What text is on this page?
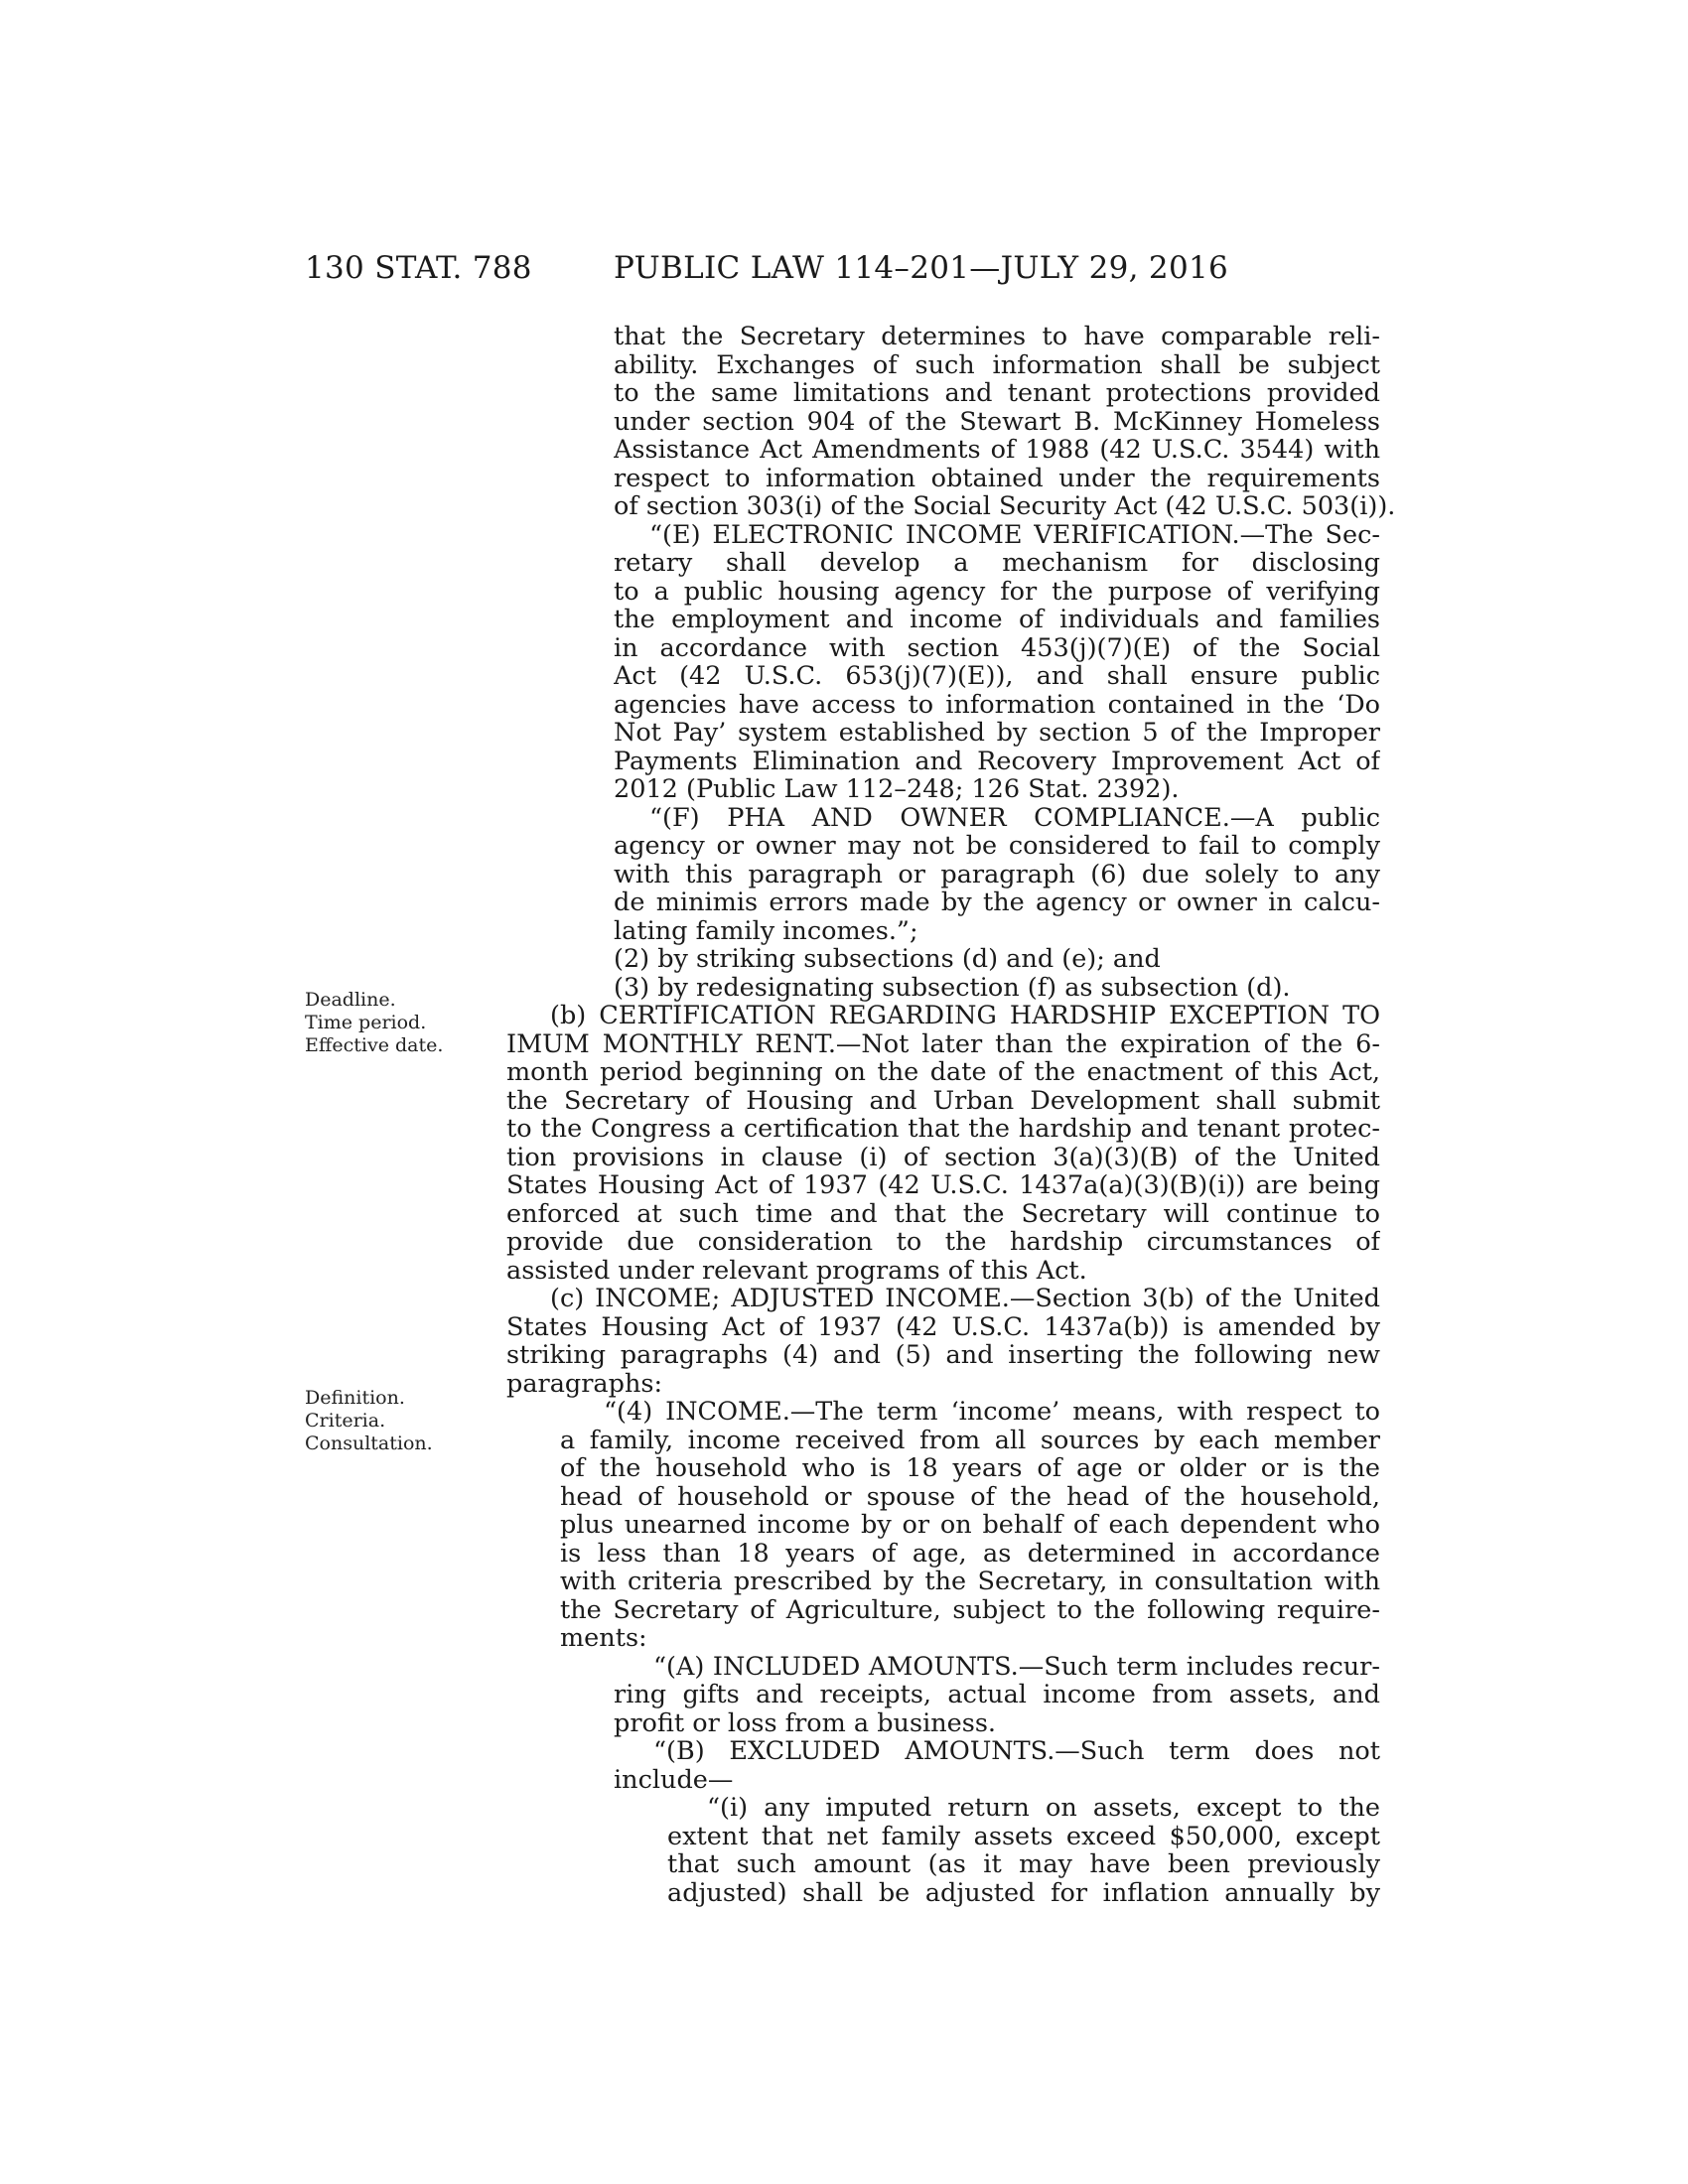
130 STAT. 788	PUBLIC LAW 114–201—JULY 29, 2016
Deadline.
Time period.
Effective date.
Definition.
Criteria.
Consultation.
that the Secretary determines to have comparable reli-
ability. Exchanges of such information shall be subject
to the same limitations and tenant protections provided
under section 904 of the Stewart B. McKinney Homeless
Assistance Act Amendments of 1988 (42 U.S.C. 3544) with
respect to information obtained under the requirements
of section 303(i) of the Social Security Act (42 U.S.C. 503(i)).
“(E) ELECTRONIC INCOME VERIFICATION.—The Sec-
retary shall develop a mechanism for disclosing
to a public housing agency for the purpose of verifying
the employment and income of individuals and families
in accordance with section 453(j)(7)(E) of the Social
Act (42 U.S.C. 653(j)(7)(E)), and shall ensure public
agencies have access to information contained in the ‘Do
Not Pay’ system established by section 5 of the Improper
Payments Elimination and Recovery Improvement Act of
2012 (Public Law 112–248; 126 Stat. 2392).
“(F) PHA AND OWNER COMPLIANCE.—A public
agency or owner may not be considered to fail to comply
with this paragraph or paragraph (6) due solely to any
de minimis errors made by the agency or owner in calcu-
lating family incomes.”;
(2) by striking subsections (d) and (e); and
(3) by redesignating subsection (f) as subsection (d).
(b) CERTIFICATION REGARDING HARDSHIP EXCEPTION TO
IMUM MONTHLY RENT.—Not later than the expiration of the 6-
month period beginning on the date of the enactment of this Act,
the Secretary of Housing and Urban Development shall submit
to the Congress a certification that the hardship and tenant protec-
tion provisions in clause (i) of section 3(a)(3)(B) of the United
States Housing Act of 1937 (42 U.S.C. 1437a(a)(3)(B)(i)) are being
enforced at such time and that the Secretary will continue to
provide due consideration to the hardship circumstances of
assisted under relevant programs of this Act.
(c) INCOME; ADJUSTED INCOME.—Section 3(b) of the United
States Housing Act of 1937 (42 U.S.C. 1437a(b)) is amended by
striking paragraphs (4) and (5) and inserting the following new
paragraphs:
“(4) INCOME.—The term ‘income’ means, with respect to
a family, income received from all sources by each member
of the household who is 18 years of age or older or is the
head of household or spouse of the head of the household,
plus unearned income by or on behalf of each dependent who
is less than 18 years of age, as determined in accordance
with criteria prescribed by the Secretary, in consultation with
the Secretary of Agriculture, subject to the following require-
ments:
“(A) INCLUDED AMOUNTS.—Such term includes recur-
ring gifts and receipts, actual income from assets, and
profit or loss from a business.
“(B) EXCLUDED AMOUNTS.—Such term does not
include—
“(i) any imputed return on assets, except to the
extent that net family assets exceed $50,000, except
that such amount (as it may have been previously
adjusted) shall be adjusted for inflation annually by
